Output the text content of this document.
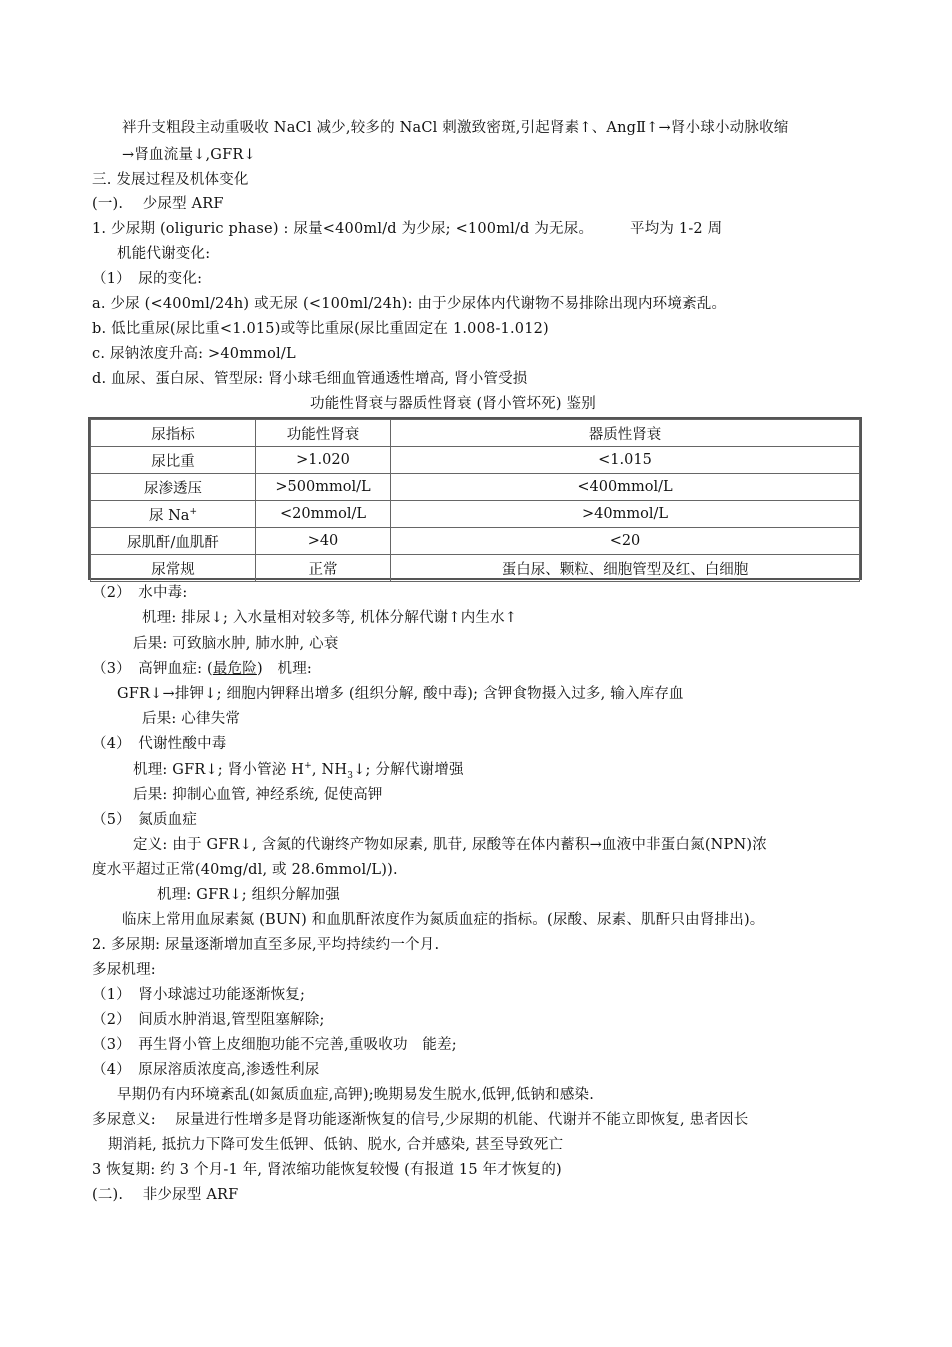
袢升支粗段主动重吸收 NaCl 减少,较多的 NaCl 刺激致密斑,引起肾素↑、AngⅡ↑→肾小球小动脉收缩
→肾血流量↓,GFR↓
三. 发展过程及机体变化
(一).　 少尿型 ARF
1. 少尿期 (oliguric phase) : 尿量<400ml/d 为少尿; <100ml/d 为无尿。　　　平均为 1-2 周
机能代谢变化:
（1）　尿的变化:
a. 少尿 (<400ml/24h) 或无尿 (<100ml/24h): 由于少尿体内代谢物不易排除出现内环境紊乱。
b. 低比重尿(尿比重<1.015)或等比重尿(尿比重固定在 1.008-1.012)
c. 尿钠浓度升高: >40mmol/L
d. 血尿、蛋白尿、管型尿: 肾小球毛细血管通透性增高, 肾小管受损
功能性肾衰与器质性肾衰 (肾小管坏死) 鉴别
尿指标	功能性肾衰	器质性肾衰
尿比重	>1.020	<1.015
尿渗透压	>500mmol/L	<400mmol/L
尿 Na+	<20mmol/L	>40mmol/L
尿肌酐/血肌酐	>40	<20
尿常规	正常	蛋白尿、颗粒、细胞管型及红、白细胞
（2）　水中毒:
机理: 排尿↓; 入水量相对较多等, 机体分解代谢↑内生水↑
后果: 可致脑水肿, 肺水肿, 心衰
（3）　高钾血症: (最危险)　机理:
GFR↓→排钾↓; 细胞内钾释出增多 (组织分解, 酸中毒); 含钾食物摄入过多, 输入库存血
后果: 心律失常
（4）　代谢性酸中毒
机理: GFR↓; 肾小管泌 H+, $NH_3↓$; 分解代谢增强
后果: 抑制心血管, 神经系统, 促使高钾
（5）　氮质血症
定义: 由于 GFR↓, 含氮的代谢终产物如尿素, 肌苷, 尿酸等在体内蓄积→血液中非蛋白氮(NPN)浓
度水平超过正常(40mg/dl, 或 28.6mmol/L)).
机理: GFR↓; 组织分解加强
临床上常用血尿素氮 (BUN) 和血肌酐浓度作为氮质血症的指标。(尿酸、尿素、肌酐只由肾排出)。
2. 多尿期: 尿量逐渐增加直至多尿,平均持续约一个月.
多尿机理:
（1）　肾小球滤过功能逐渐恢复;
（2）　间质水肿消退,管型阻塞解除;
（3）　再生肾小管上皮细胞功能不完善,重吸收功　能差;
（4）　原尿溶质浓度高,渗透性利尿
早期仍有内环境紊乱(如氮质血症,高钾);晚期易发生脱水,低钾,低钠和感染.
多尿意义:　 尿量进行性增多是肾功能逐渐恢复的信号,少尿期的机能、代谢并不能立即恢复, 患者因长
期消耗, 抵抗力下降可发生低钾、低钠、脱水, 合并感染, 甚至导致死亡
3 恢复期: 约 3 个月-1 年, 肾浓缩功能恢复较慢 (有报道 15 年才恢复的)
(二).　 非少尿型 ARF
